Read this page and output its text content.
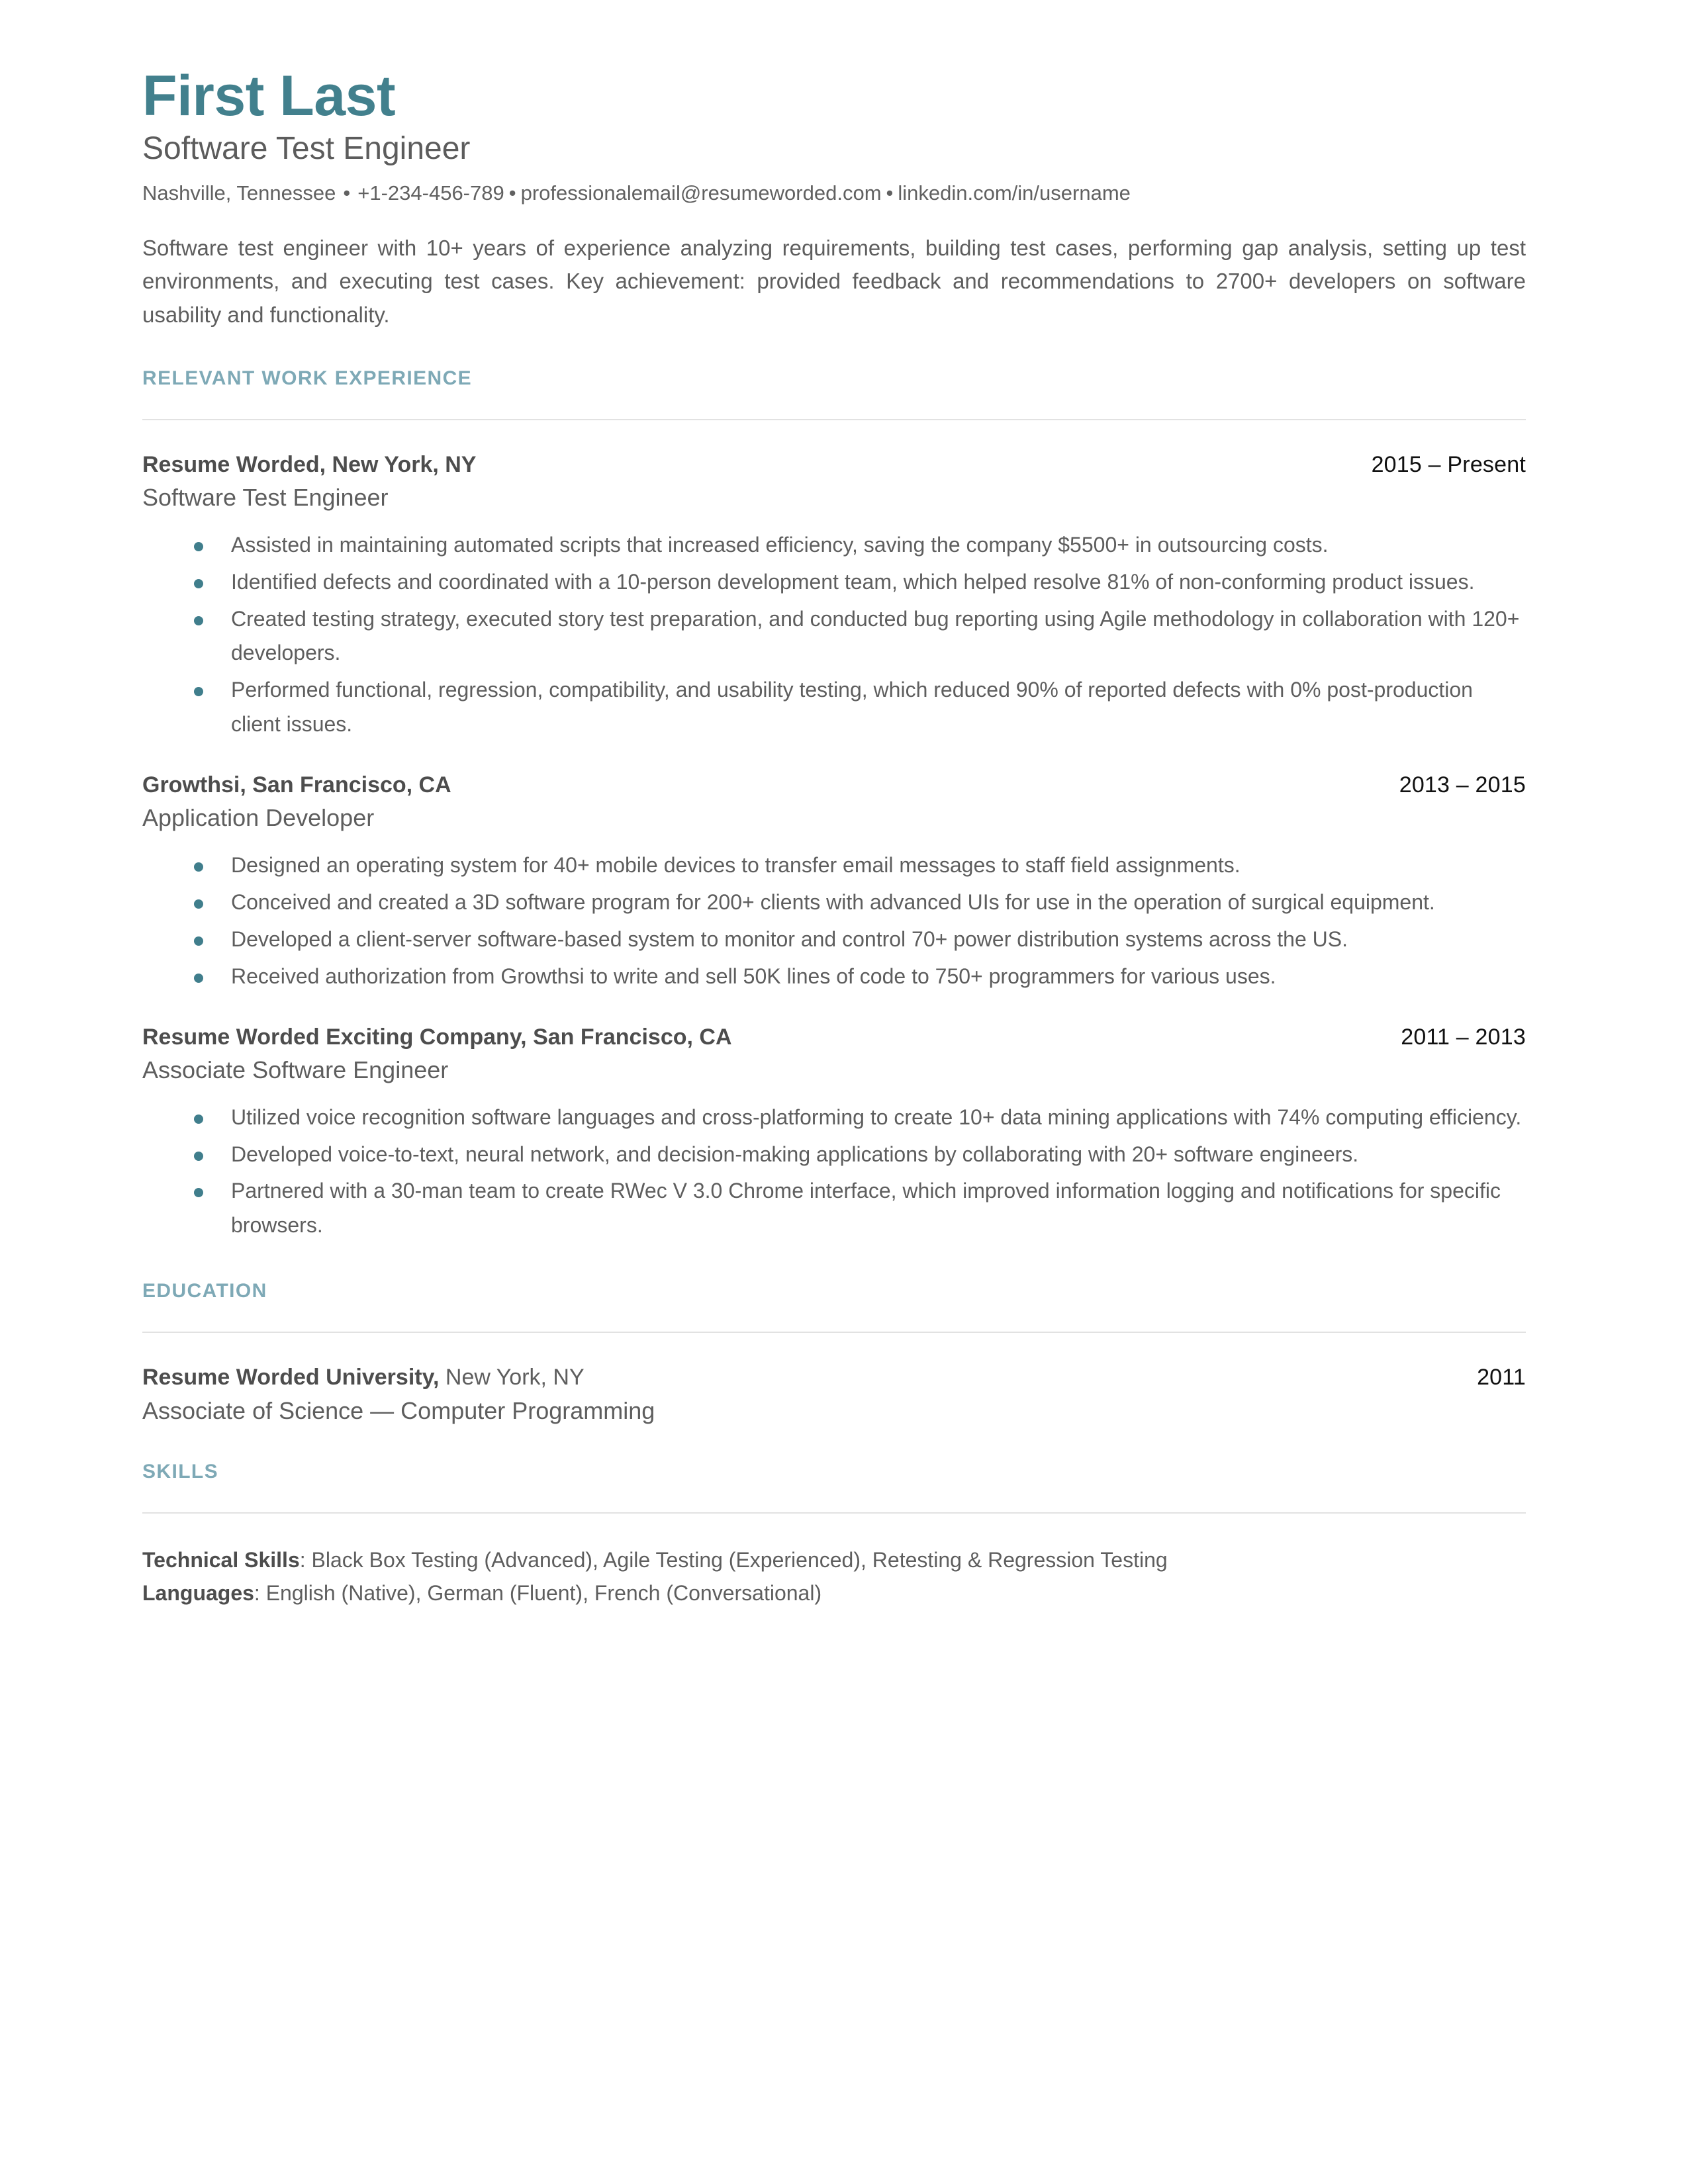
First Last
Software Test Engineer
Nashville, Tennessee • +1-234-456-789 • professionalemail@resumeworded.com • linkedin.com/in/username

Software test engineer with 10+ years of experience analyzing requirements, building test cases, performing gap analysis, setting up test environments, and executing test cases. Key achievement: provided feedback and recommendations to 2700+ developers on software usability and functionality.

RELEVANT WORK EXPERIENCE
Resume Worded, New York, NY	2015 – Present
Software Test Engineer
Assisted in maintaining automated scripts that increased efficiency, saving the company $5500+ in outsourcing costs.
Identified defects and coordinated with a 10-person development team, which helped resolve 81% of non-conforming product issues.
Created testing strategy, executed story test preparation, and conducted bug reporting using Agile methodology in collaboration with 120+ developers.
Performed functional, regression, compatibility, and usability testing, which reduced 90% of reported defects with 0% post-production client issues.
Growthsi, San Francisco, CA	2013 – 2015
Application Developer
Designed an operating system for 40+ mobile devices to transfer email messages to staff field assignments.
Conceived and created a 3D software program for 200+ clients with advanced UIs for use in the operation of surgical equipment.
Developed a client-server software-based system to monitor and control 70+ power distribution systems across the US.
Received authorization from Growthsi to write and sell 50K lines of code to 750+ programmers for various uses.
Resume Worded Exciting Company, San Francisco, CA	2011 – 2013
Associate Software Engineer
Utilized voice recognition software languages and cross-platforming to create 10+ data mining applications with 74% computing efficiency.
Developed voice-to-text, neural network, and decision-making applications by collaborating with 20+ software engineers.
Partnered with a 30-man team to create RWec V 3.0 Chrome interface, which improved information logging and notifications for specific browsers.
EDUCATION
Resume Worded University, New York, NY	2011
Associate of Science — Computer Programming
SKILLS
Technical Skills: Black Box Testing (Advanced), Agile Testing (Experienced), Retesting & Regression Testing
Languages: English (Native), German (Fluent), French (Conversational)
